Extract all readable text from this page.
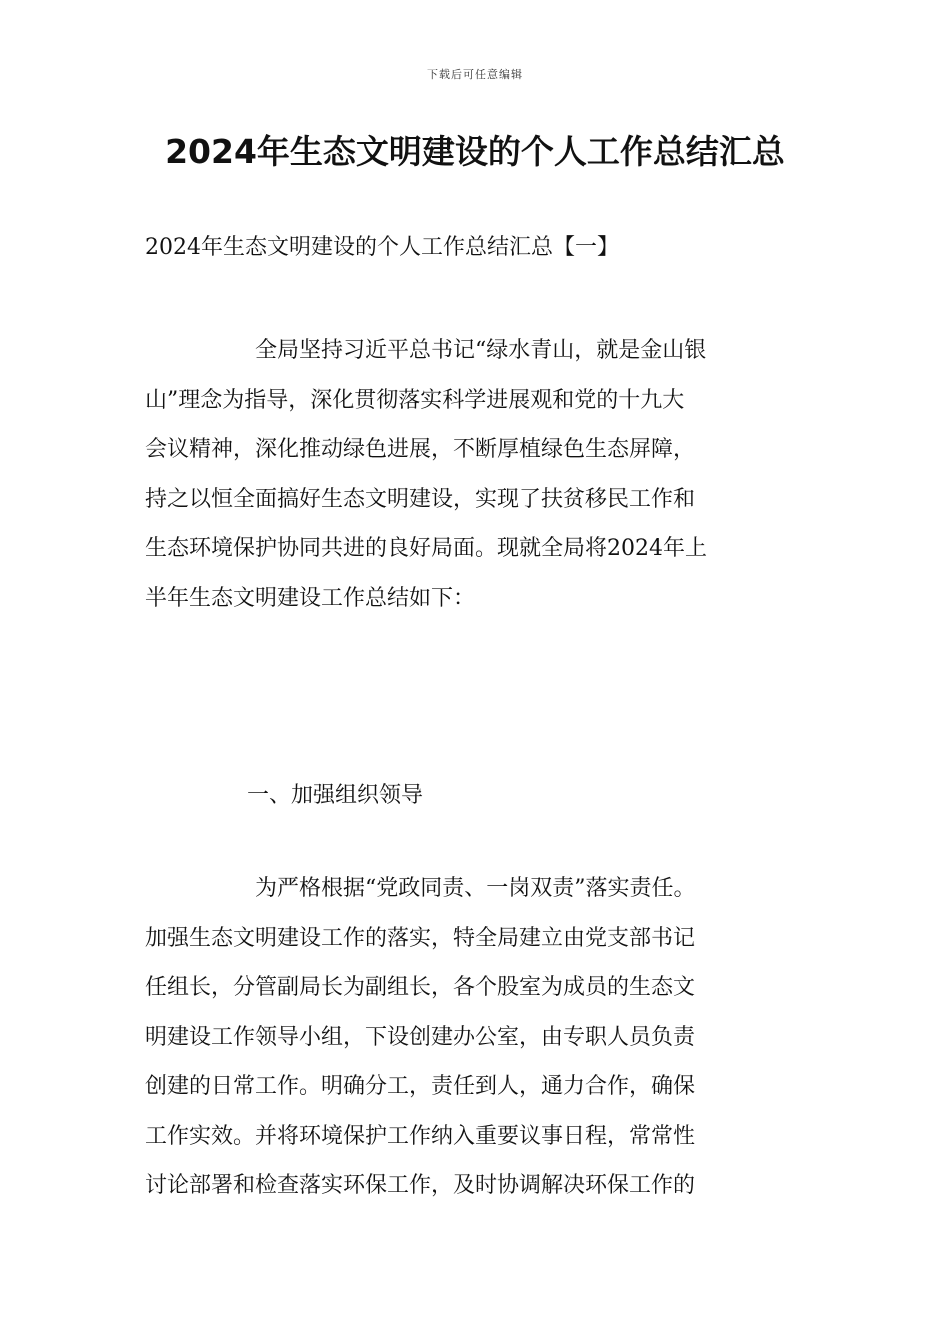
下载后可任意编辑
2024年生态文明建设的个人工作总结汇总
2024年生态文明建设的个人工作总结汇总【一】
全局坚持习近平总书记“绿水青山，就是金山银
山”理念为指导，深化贯彻落实科学进展观和党的十九大
会议精神，深化推动绿色进展，不断厚植绿色生态屏障，
持之以恒全面搞好生态文明建设，实现了扶贫移民工作和
生态环境保护协同共进的良好局面。现就全局将2024年上
半年生态文明建设工作总结如下：
一、加强组织领导
为严格根据“党政同责、一岗双责”落实责任。
加强生态文明建设工作的落实，特全局建立由党支部书记
任组长，分管副局长为副组长，各个股室为成员的生态文
明建设工作领导小组，下设创建办公室，由专职人员负责
创建的日常工作。明确分工，责任到人，通力合作，确保
工作实效。并将环境保护工作纳入重要议事日程，常常性
讨论部署和检查落实环保工作，及时协调解决环保工作的
